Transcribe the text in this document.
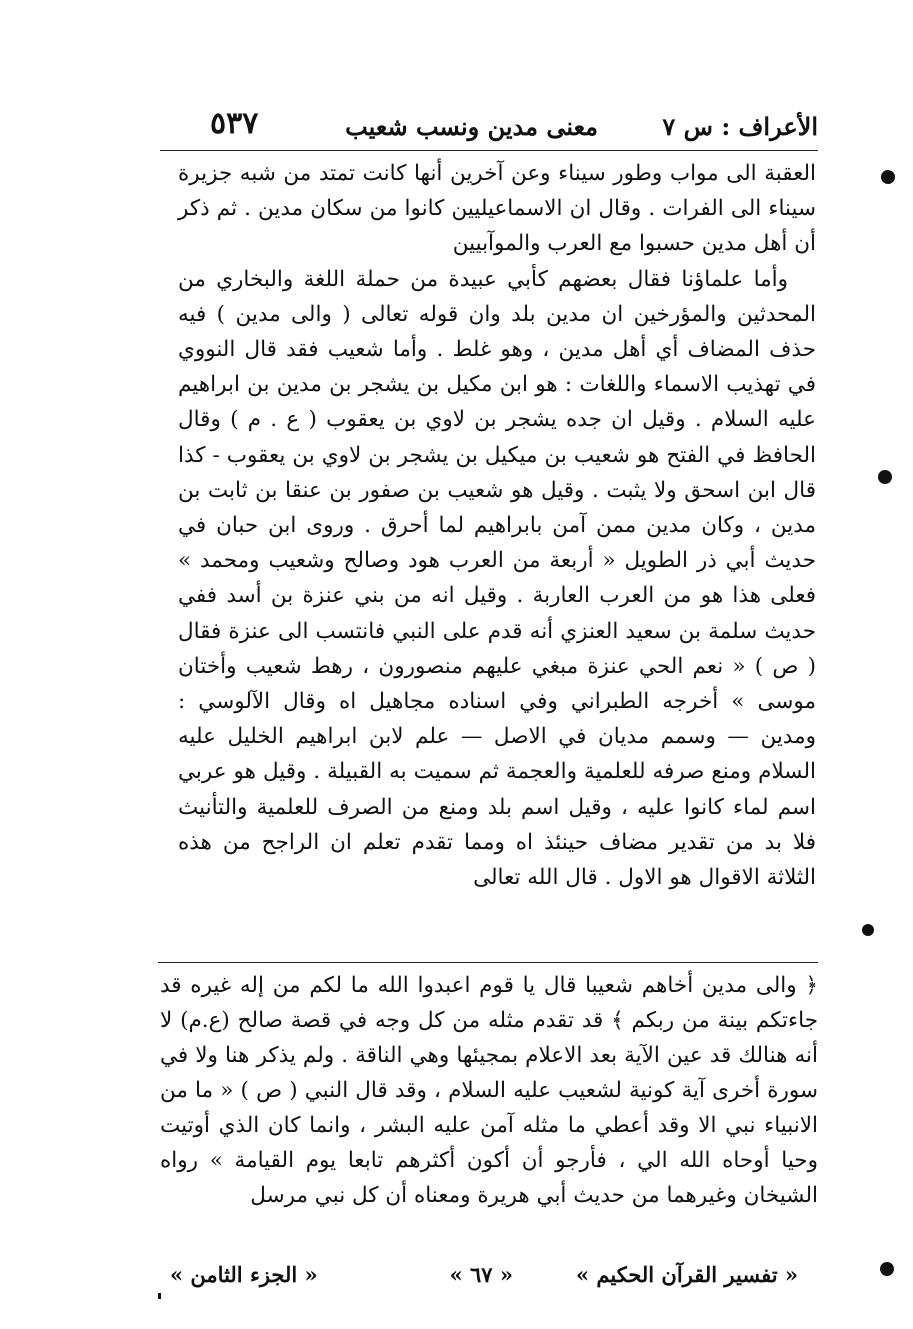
الأعراف : س ٧
معنى مدين ونسب شعيب
٥٣٧

العقبة الى مواب وطور سيناء وعن آخرين أنها كانت تمتد من شبه جزيرة سيناء الى الفرات . وقال ان الاسماعيليين كانوا من سكان مدين . ثم ذكر أن أهل مدين حسبوا مع العرب والموآبيين

وأما علماؤنا فقال بعضهم كأبي عبيدة من حملة اللغة والبخاري من المحدثين والمؤرخين ان مدين بلد وان قوله تعالى ( والى مدين ) فيه حذف المضاف أي أهل مدين ، وهو غلط . وأما شعيب فقد قال النووي في تهذيب الاسماء واللغات : هو ابن مكيل بن يشجر بن مدين بن ابراهيم عليه السلام . وقيل ان جده يشجر بن لاوي بن يعقوب ( ع . م ) وقال الحافظ في الفتح هو شعيب بن ميكيل بن يشجر بن لاوي بن يعقوب - كذا قال ابن اسحق ولا يثبت . وقيل هو شعيب بن صفور بن عنقا بن ثابت بن مدين ، وكان مدين ممن آمن بابراهيم لما أحرق . وروى ابن حبان في حديث أبي ذر الطويل « أربعة من العرب هود وصالح وشعيب ومحمد » فعلى هذا هو من العرب العاربة . وقيل انه من بني عنزة بن أسد ففي حديث سلمة بن سعيد العنزي أنه قدم على النبي فانتسب الى عنزة فقال ( ص ) « نعم الحي عنزة مبغي عليهم منصورون ، رهط شعيب وأختان موسى » أخرجه الطبراني وفي اسناده مجاهيل اه وقال الآلوسي : ومدين — وسمم مديان في الاصل — علم لابن ابراهيم الخليل عليه السلام ومنع صرفه للعلمية والعجمة ثم سميت به القبيلة . وقيل هو عربي اسم لماء كانوا عليه ، وقيل اسم بلد ومنع من الصرف للعلمية والتأنيث فلا بد من تقدير مضاف حينئذ اه ومما تقدم تعلم ان الراجح من هذه الثلاثة الاقوال هو الاول . قال الله تعالى

﴿ والى مدين أخاهم شعيبا قال يا قوم اعبدوا الله ما لكم من إله غيره قد جاءتكم بينة من ربكم ﴾ قد تقدم مثله من كل وجه في قصة صالح (ع.م) لا أنه هنالك قد عين الآية بعد الاعلام بمجيئها وهي الناقة . ولم يذكر هنا ولا في سورة أخرى آية كونية لشعيب عليه السلام ، وقد قال النبي ( ص ) « ما من الانبياء نبي الا وقد أعطي ما مثله آمن عليه البشر ، وانما كان الذي أوتيت وحيا أوحاه الله الي ، فأرجو أن أكون أكثرهم تابعا يوم القيامة » رواه الشيخان وغيرهما من حديث أبي هريرة ومعناه أن كل نبي مرسل

« تفسير القرآن الحكيم »
« ٦٧ »
« الجزء الثامن »
